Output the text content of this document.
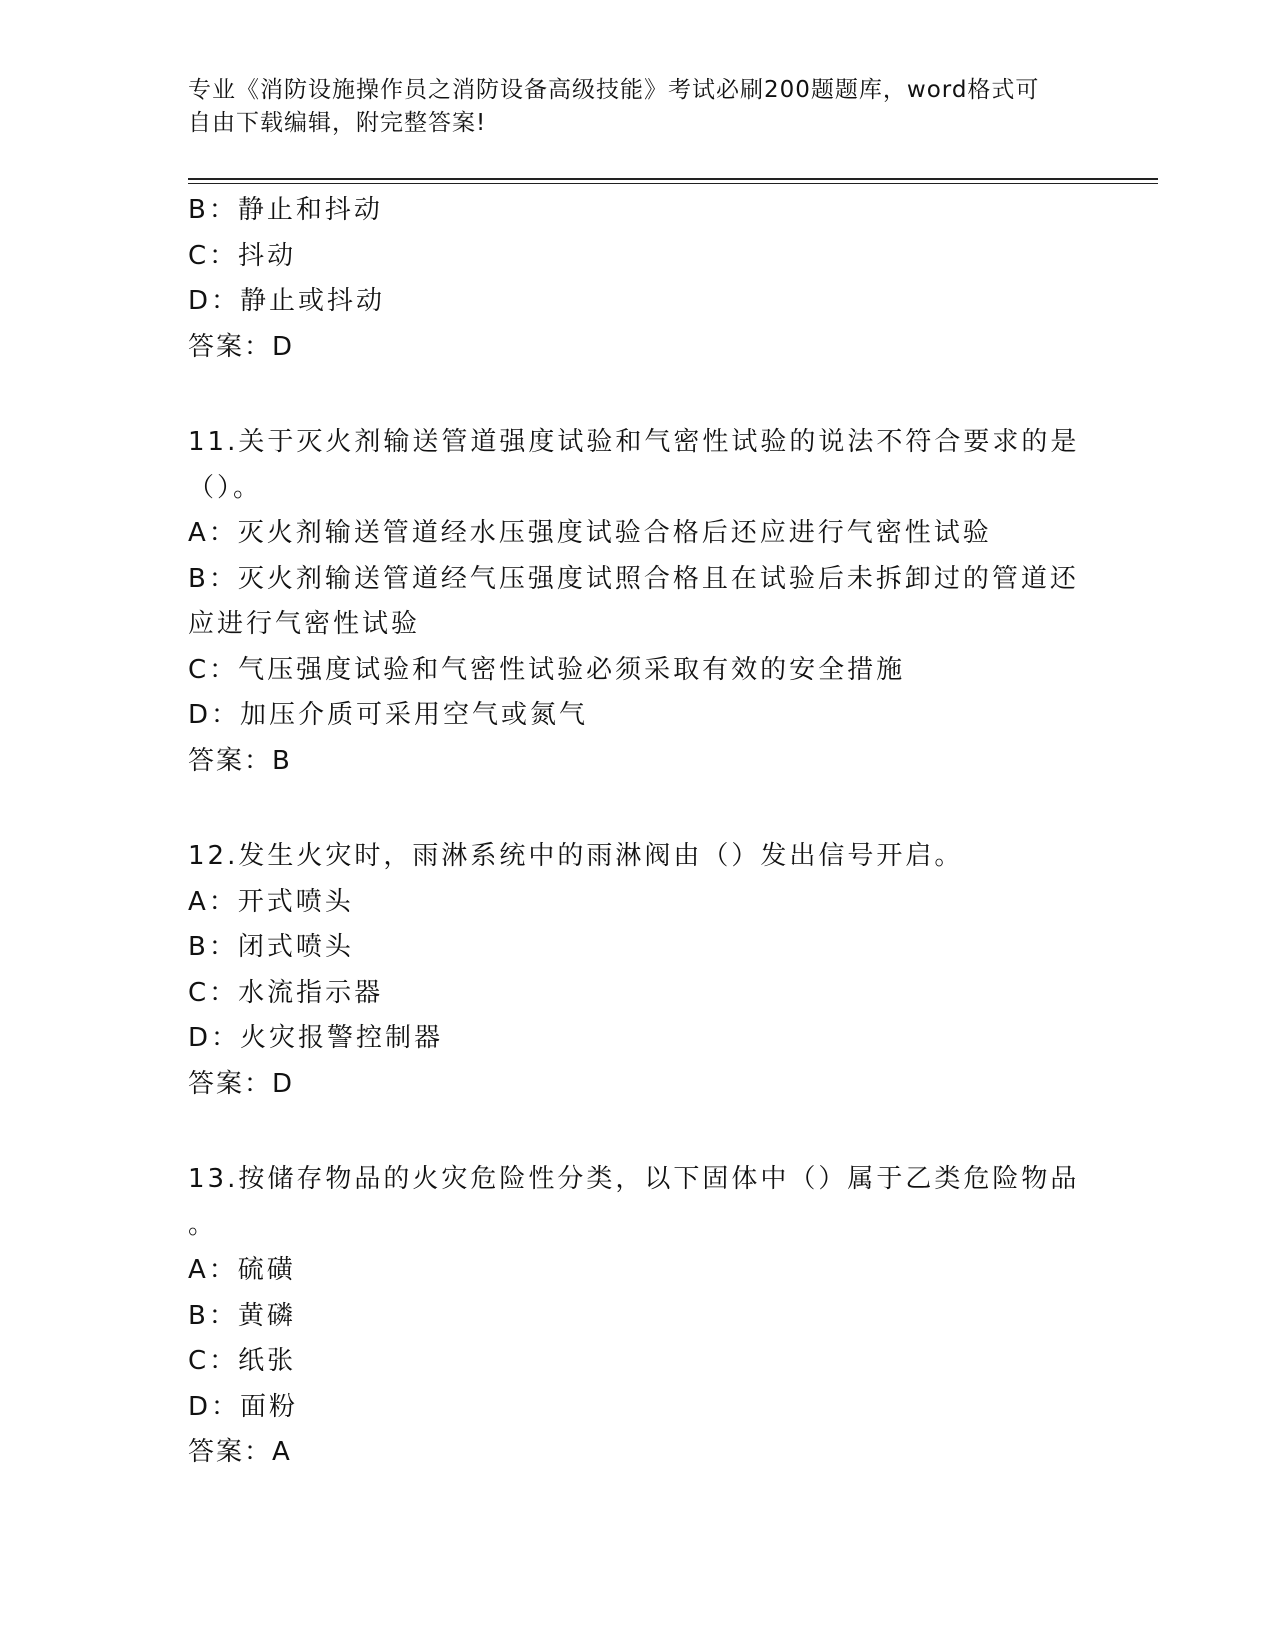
专业《消防设施操作员之消防设备高级技能》考试必刷200题题库，word格式可
自由下载编辑，附完整答案!
B：静止和抖动
C：抖动
D：静止或抖动
答案：D
11.关于灭火剂输送管道强度试验和气密性试验的说法不符合要求的是
（）。
A：灭火剂输送管道经水压强度试验合格后还应进行气密性试验
B：灭火剂输送管道经气压强度试照合格且在试验后未拆卸过的管道还
应进行气密性试验
C：气压强度试验和气密性试验必须采取有效的安全措施
D：加压介质可采用空气或氮气
答案：B
12.发生火灾时，雨淋系统中的雨淋阀由（）发出信号开启。
A：开式喷头
B：闭式喷头
C：水流指示器
D：火灾报警控制器
答案：D
13.按储存物品的火灾危险性分类，以下固体中（）属于乙类危险物品
。
A：硫磺
B：黄磷
C：纸张
D：面粉
答案：A
